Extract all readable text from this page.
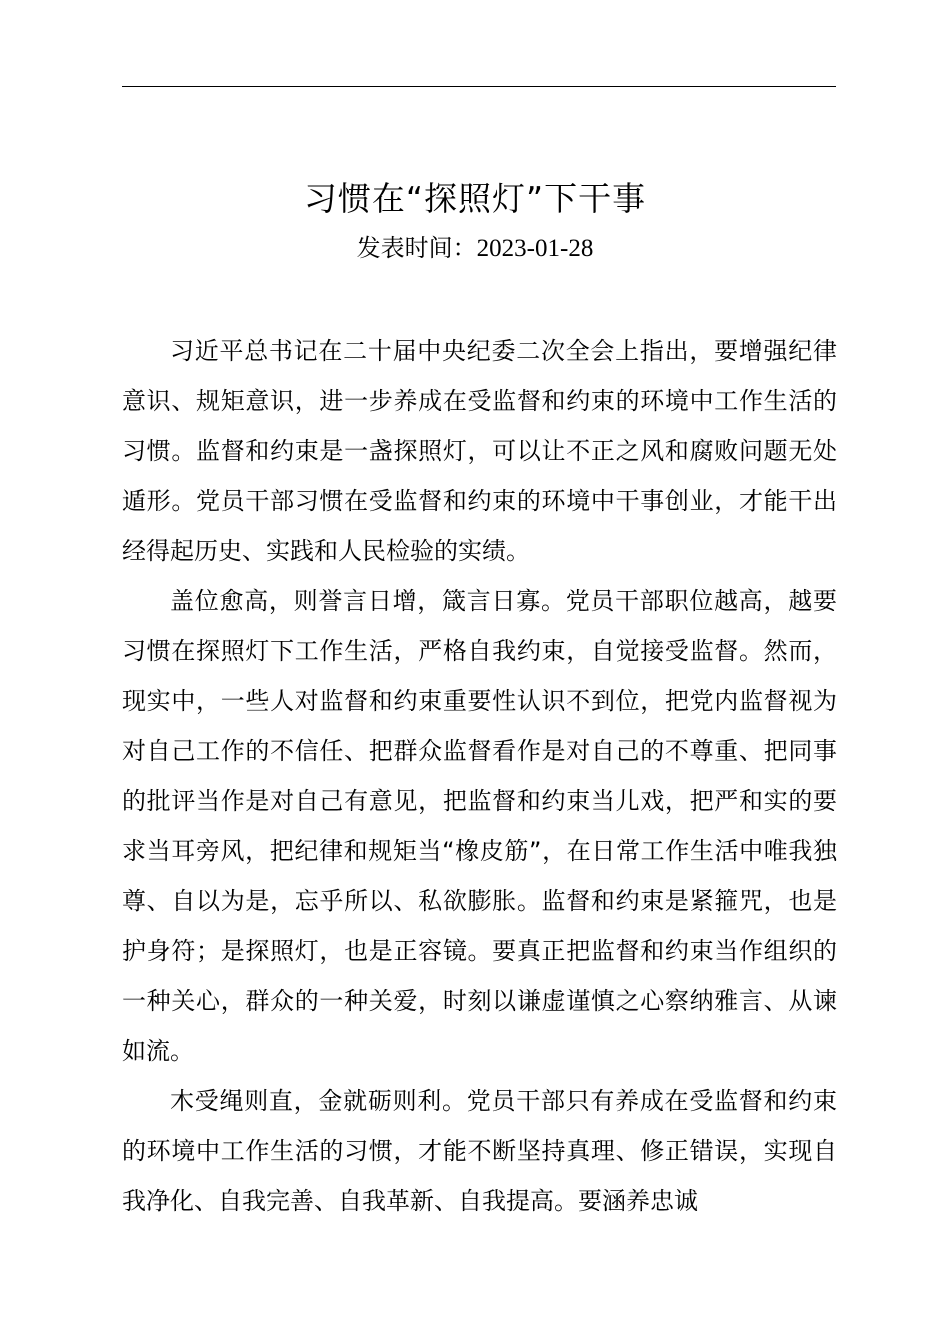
习惯在“探照灯”下干事
发表时间：2023-01-28

习近平总书记在二十届中央纪委二次全会上指出，要增强纪律意识、规矩意识，进一步养成在受监督和约束的环境中工作生活的习惯。监督和约束是一盏探照灯，可以让不正之风和腐败问题无处遁形。党员干部习惯在受监督和约束的环境中干事创业，才能干出经得起历史、实践和人民检验的实绩。

盖位愈高，则誉言日增，箴言日寡。党员干部职位越高，越要习惯在探照灯下工作生活，严格自我约束，自觉接受监督。然而，现实中，一些人对监督和约束重要性认识不到位，把党内监督视为对自己工作的不信任、把群众监督看作是对自己的不尊重、把同事的批评当作是对自己有意见，把监督和约束当儿戏，把严和实的要求当耳旁风，把纪律和规矩当“橡皮筋”，在日常工作生活中唯我独尊、自以为是，忘乎所以、私欲膨胀。监督和约束是紧箍咒，也是护身符；是探照灯，也是正容镜。要真正把监督和约束当作组织的一种关心，群众的一种关爱，时刻以谦虚谨慎之心察纳雅言、从谏如流。

木受绳则直，金就砺则利。党员干部只有养成在受监督和约束的环境中工作生活的习惯，才能不断坚持真理、修正错误，实现自我净化、自我完善、自我革新、自我提高。要涵养忠诚
